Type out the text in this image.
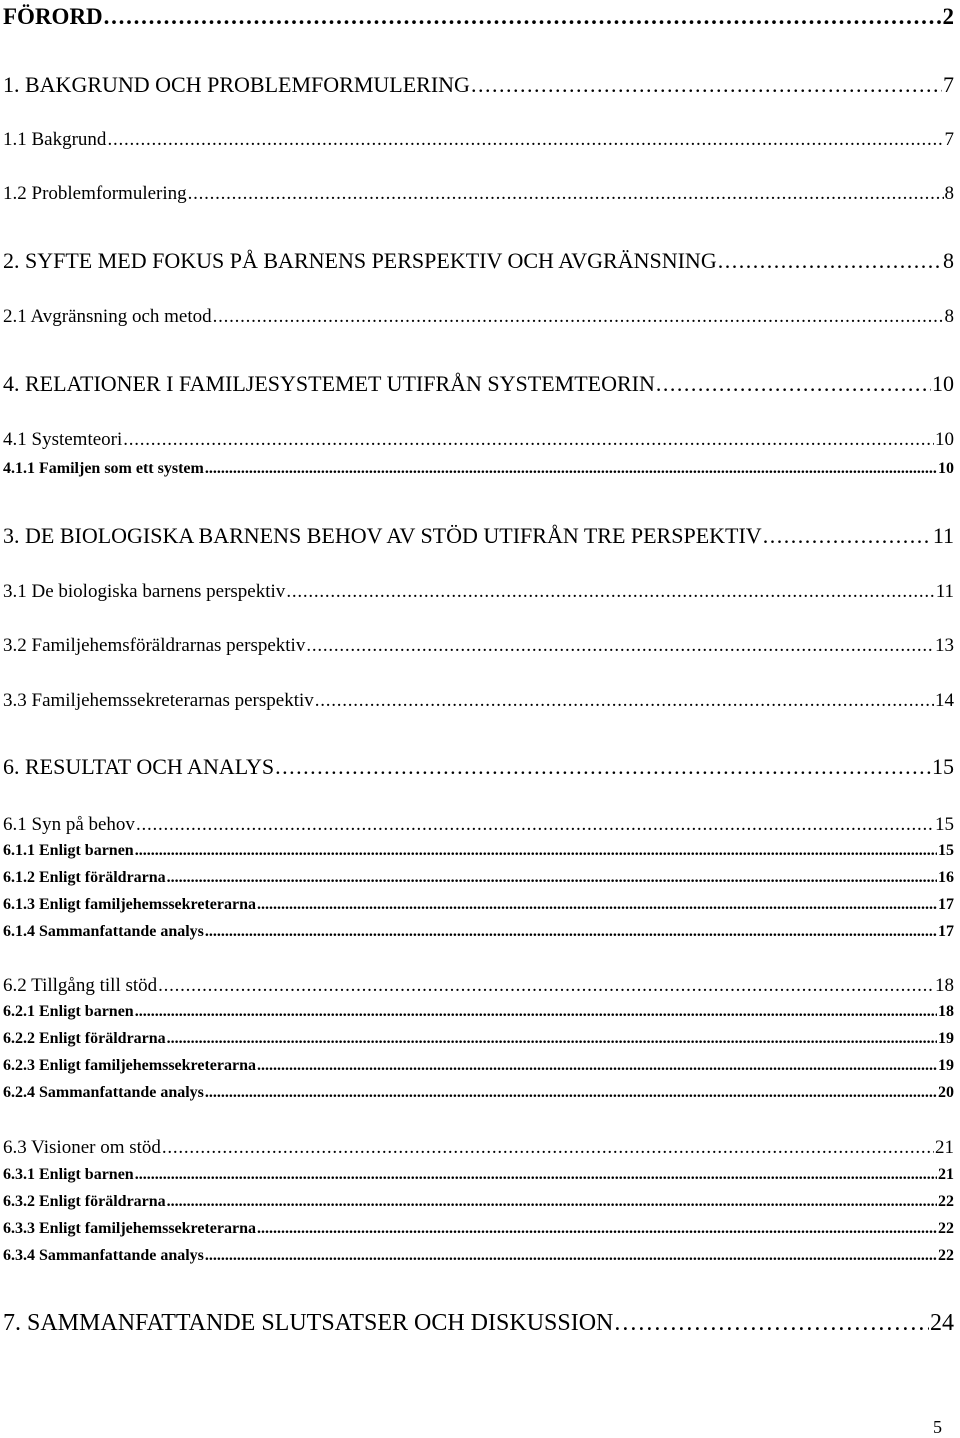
FÖRORD . . .	2
1. BAKGRUND OCH PROBLEMFORMULERING . . .	7
1.1 Bakgrund . . .	7
1.2 Problemformulering . . .	8
2. SYFTE MED FOKUS PÅ BARNENS PERSPEKTIV OCH AVGRÄNSNING . . .	8
2.1 Avgränsning och metod . . .	8
4. RELATIONER I FAMILJESYSTEMET UTIFRÅN SYSTEMTEORIN . . .	10
4.1 Systemteori . . .	10
4.1.1 Familjen som ett system . . .	10
3. DE BIOLOGISKA BARNENS BEHOV AV STÖD UTIFRÅN TRE PERSPEKTIV . . .	11
3.1 De biologiska barnens perspektiv . . .	11
3.2 Familjehemsföräldrarnas perspektiv . . .	13
3.3 Familjehemssekreterarnas perspektiv . . .	14
6. RESULTAT OCH ANALYS . . .	15
6.1 Syn på behov . . .	15
6.1.1 Enligt barnen . . .	15
6.1.2 Enligt föräldrarna . . .	16
6.1.3 Enligt familjehemssekreterarna . . .	17
6.1.4 Sammanfattande analys . . .	17
6.2 Tillgång till stöd . . .	18
6.2.1 Enligt barnen . . .	18
6.2.2 Enligt föräldrarna . . .	19
6.2.3 Enligt familjehemssekreterarna . . .	19
6.2.4 Sammanfattande analys . . .	20
6.3 Visioner om stöd . . .	21
6.3.1 Enligt barnen . . .	21
6.3.2 Enligt föräldrarna . . .	22
6.3.3 Enligt familjehemssekreterarna . . .	22
6.3.4 Sammanfattande analys . . .	22
7. SAMMANFATTANDE SLUTSATSER OCH DISKUSSION . . .	24
5
